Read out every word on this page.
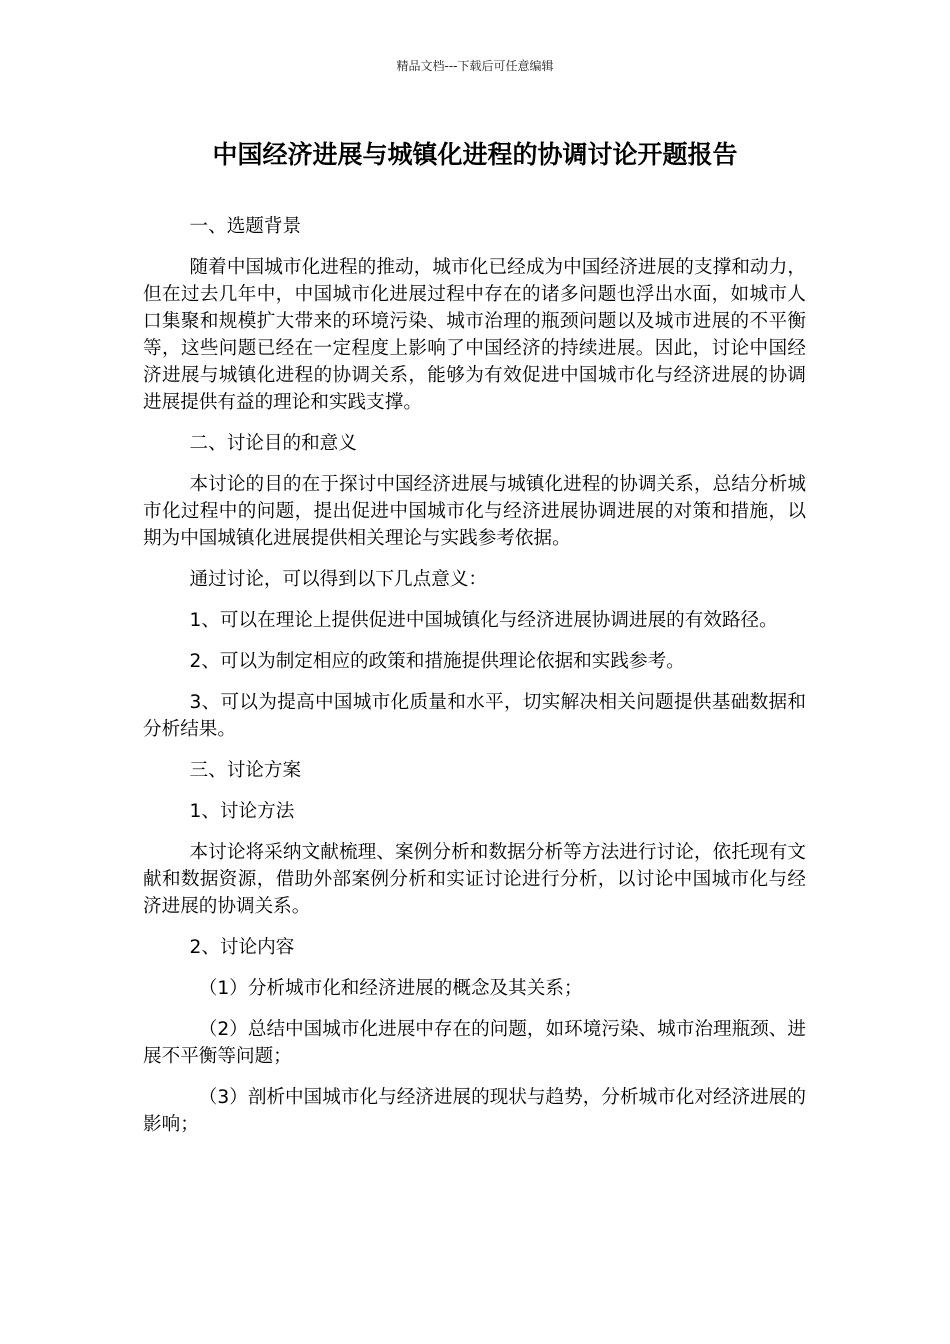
精品文档---下载后可任意编辑
中国经济进展与城镇化进程的协调讨论开题报告

一、选题背景

随着中国城市化进程的推动，城市化已经成为中国经济进展的支撑和动力，但在过去几年中，中国城市化进展过程中存在的诸多问题也浮出水面，如城市人口集聚和规模扩大带来的环境污染、城市治理的瓶颈问题以及城市进展的不平衡等，这些问题已经在一定程度上影响了中国经济的持续进展。因此，讨论中国经济进展与城镇化进程的协调关系，能够为有效促进中国城市化与经济进展的协调进展提供有益的理论和实践支撑。

二、讨论目的和意义

本讨论的目的在于探讨中国经济进展与城镇化进程的协调关系，总结分析城市化过程中的问题，提出促进中国城市化与经济进展协调进展的对策和措施，以期为中国城镇化进展提供相关理论与实践参考依据。

通过讨论，可以得到以下几点意义：

1、可以在理论上提供促进中国城镇化与经济进展协调进展的有效路径。

2、可以为制定相应的政策和措施提供理论依据和实践参考。

3、可以为提高中国城市化质量和水平，切实解决相关问题提供基础数据和分析结果。

三、讨论方案

1、讨论方法

本讨论将采纳文献梳理、案例分析和数据分析等方法进行讨论，依托现有文献和数据资源，借助外部案例分析和实证讨论进行分析，以讨论中国城市化与经济进展的协调关系。

2、讨论内容

（1）分析城市化和经济进展的概念及其关系；

（2）总结中国城市化进展中存在的问题，如环境污染、城市治理瓶颈、进展不平衡等问题；

（3）剖析中国城市化与经济进展的现状与趋势，分析城市化对经济进展的影响；
